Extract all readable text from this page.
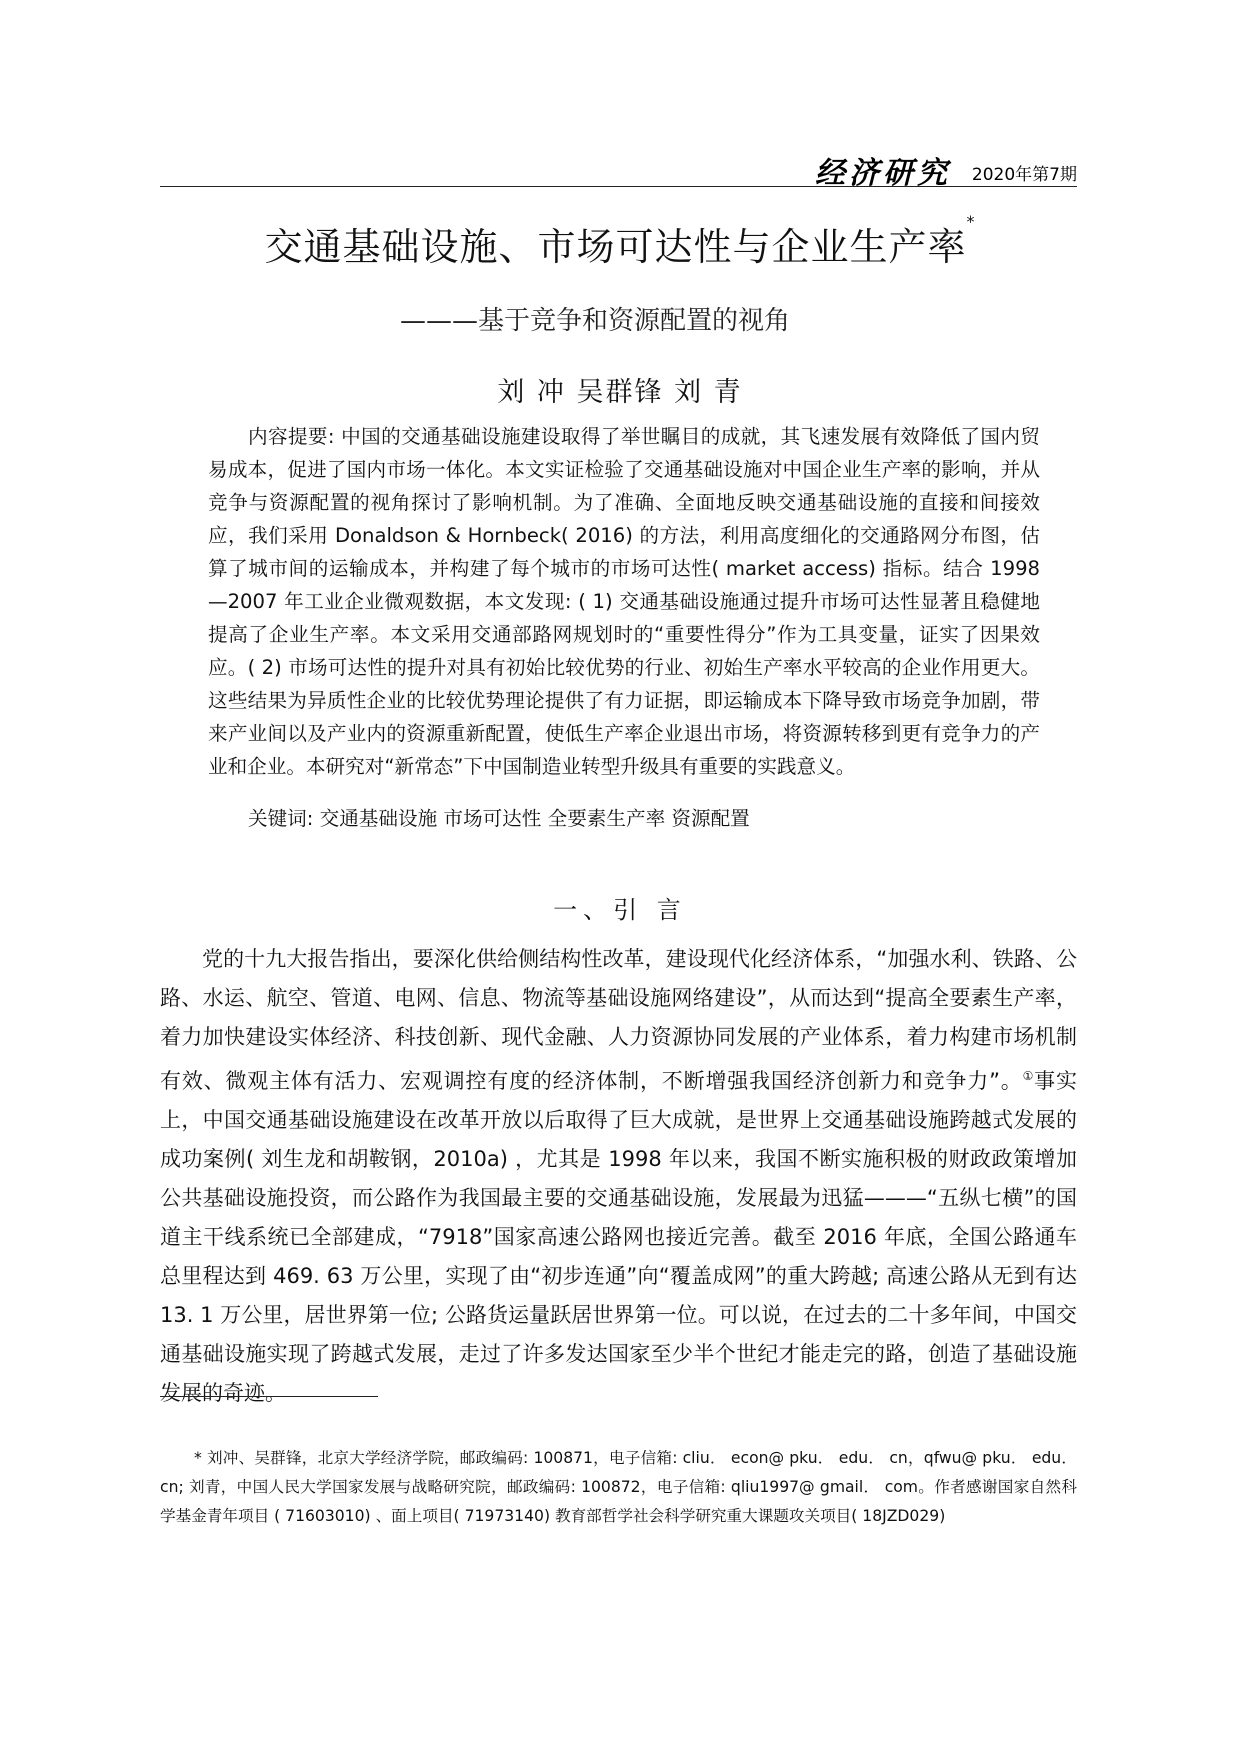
经济研究 2020年第7期
交通基础设施、市场可达性与企业生产率*
———基于竞争和资源配置的视角
刘 冲 吴群锋 刘 青

内容提要: 中国的交通基础设施建设取得了举世瞩目的成就，其飞速发展有效降低了国内贸易成本，促进了国内市场一体化。本文实证检验了交通基础设施对中国企业生产率的影响，并从竞争与资源配置的视角探讨了影响机制。为了准确、全面地反映交通基础设施的直接和间接效应，我们采用 Donaldson & Hornbeck( 2016) 的方法，利用高度细化的交通路网分布图，估算了城市间的运输成本，并构建了每个城市的市场可达性( market access) 指标。结合 1998—2007 年工业企业微观数据，本文发现: ( 1) 交通基础设施通过提升市场可达性显著且稳健地提高了企业生产率。本文采用交通部路网规划时的“重要性得分”作为工具变量，证实了因果效应。( 2) 市场可达性的提升对具有初始比较优势的行业、初始生产率水平较高的企业作用更大。这些结果为异质性企业的比较优势理论提供了有力证据，即运输成本下降导致市场竞争加剧，带来产业间以及产业内的资源重新配置，使低生产率企业退出市场，将资源转移到更有竞争力的产业和企业。本研究对“新常态”下中国制造业转型升级具有重要的实践意义。

关键词: 交通基础设施 市场可达性 全要素生产率 资源配置
一、引 言

党的十九大报告指出，要深化供给侧结构性改革，建设现代化经济体系，“加强水利、铁路、公路、水运、航空、管道、电网、信息、物流等基础设施网络建设”，从而达到“提高全要素生产率，着力加快建设实体经济、科技创新、现代金融、人力资源协同发展的产业体系，着力构建市场机制有效、微观主体有活力、宏观调控有度的经济体制，不断增强我国经济创新力和竞争力”。①事实上，中国交通基础设施建设在改革开放以后取得了巨大成就，是世界上交通基础设施跨越式发展的成功案例( 刘生龙和胡鞍钢，2010a) ，尤其是 1998 年以来，我国不断实施积极的财政政策增加公共基础设施投资，而公路作为我国最主要的交通基础设施，发展最为迅猛———“五纵七横”的国道主干线系统已全部建成，“7918”国家高速公路网也接近完善。截至 2016 年底，全国公路通车总里程达到 469. 63 万公里，实现了由“初步连通”向“覆盖成网”的重大跨越; 高速公路从无到有达 13. 1 万公里，居世界第一位; 公路货运量跃居世界第一位。可以说，在过去的二十多年间，中国交通基础设施实现了跨越式发展，走过了许多发达国家至少半个世纪才能走完的路，创造了基础设施发展的奇迹。

* 刘冲、吴群锋，北京大学经济学院，邮政编码: 100871，电子信箱: cliu． econ@ pku． edu． cn，qfwu@ pku． edu． cn; 刘青，中国人民大学国家发展与战略研究院，邮政编码: 100872，电子信箱: qliu1997@ gmail． com。作者感谢国家自然科学基金青年项目 ( 71603010) 、面上项目( 71973140) 教育部哲学社会科学研究重大课题攻关项目( 18JZD029)
